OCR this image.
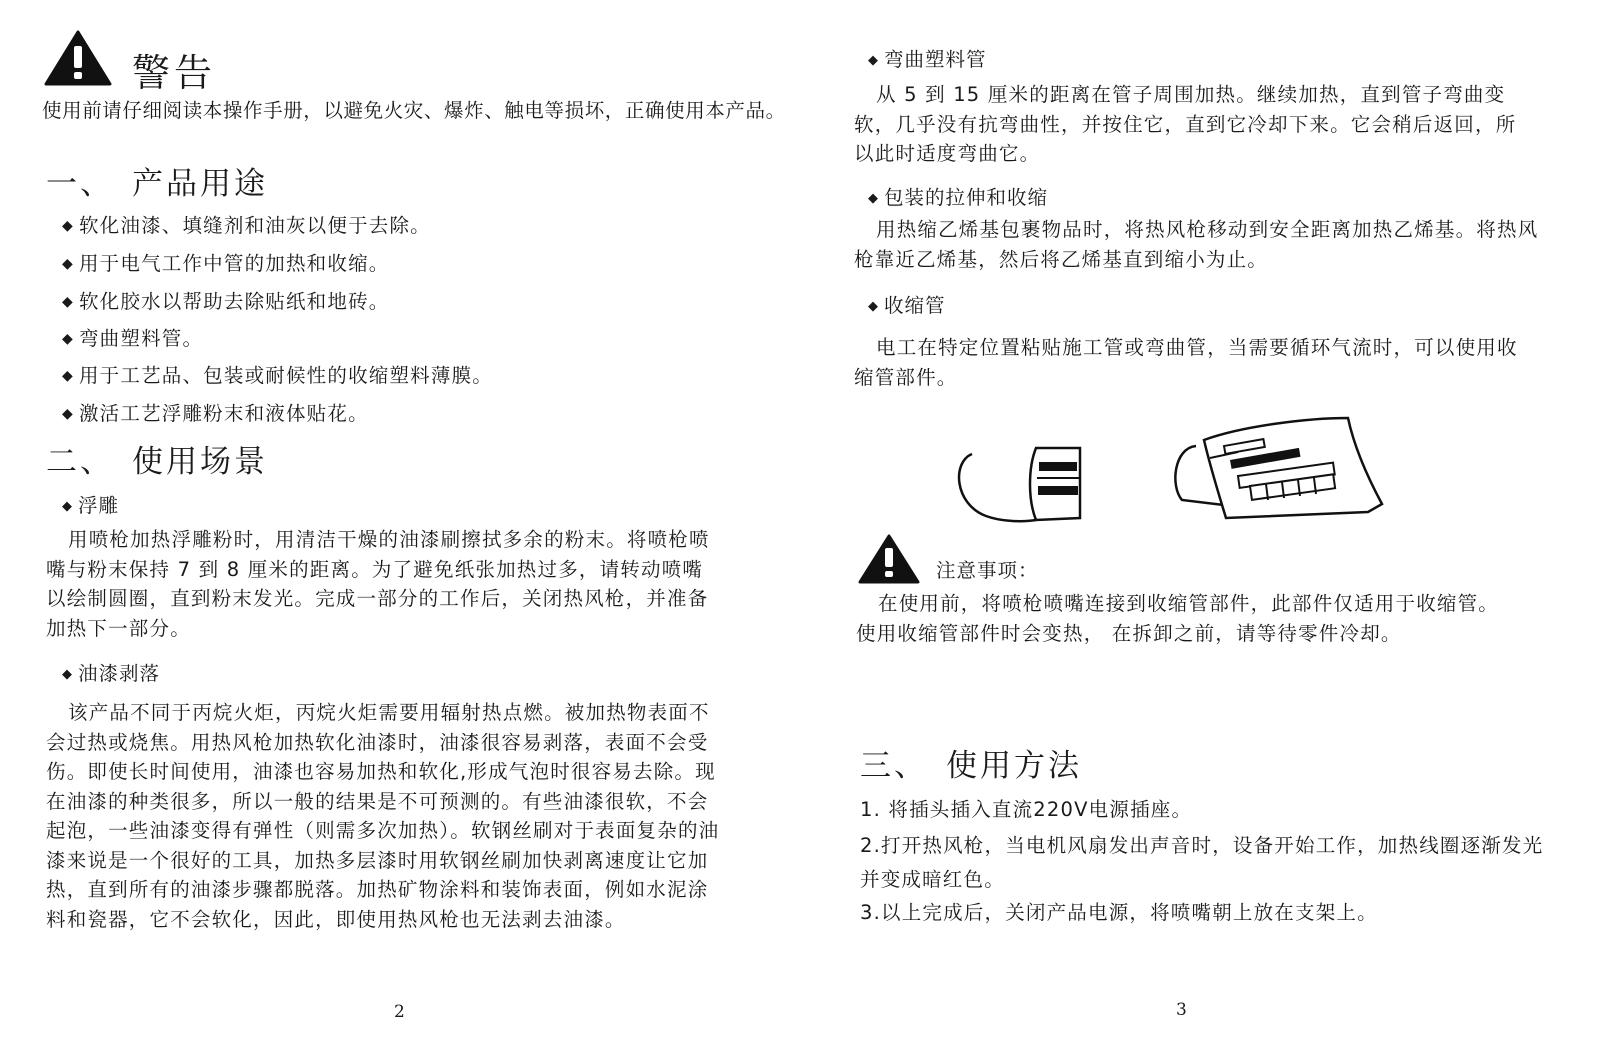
警告
使用前请仔细阅读本操作手册，以避免火灾、爆炸、触电等损坏，正确使用本产品。
一、 产品用途
◆ 软化油漆、填缝剂和油灰以便于去除。
◆ 用于电气工作中管的加热和收缩。
◆ 软化胶水以帮助去除贴纸和地砖。
◆ 弯曲塑料管。
◆ 用于工艺品、包装或耐候性的收缩塑料薄膜。
◆ 激活工艺浮雕粉末和液体贴花。
二、 使用场景
◆ 浮雕
用喷枪加热浮雕粉时，用清洁干燥的油漆刷擦拭多余的粉末。将喷枪喷嘴与粉末保持 7 到 8 厘米的距离。为了避免纸张加热过多，请转动喷嘴以绘制圆圈，直到粉末发光。完成一部分的工作后，关闭热风枪，并准备加热下一部分。
◆ 油漆剥落
该产品不同于丙烷火炬，丙烷火炬需要用辐射热点燃。被加热物表面不会过热或烧焦。用热风枪加热软化油漆时，油漆很容易剥落，表面不会受伤。即使长时间使用，油漆也容易加热和软化,形成气泡时很容易去除。现在油漆的种类很多，所以一般的结果是不可预测的。有些油漆很软，不会起泡，一些油漆变得有弹性（则需多次加热）。软钢丝刷对于表面复杂的油漆来说是一个很好的工具，加热多层漆时用软钢丝刷加快剥离速度让它加热，直到所有的油漆步骤都脱落。加热矿物涂料和装饰表面，例如水泥涂料和瓷器，它不会软化，因此，即使用热风枪也无法剥去油漆。
2
◆ 弯曲塑料管
从 5 到 15 厘米的距离在管子周围加热。继续加热，直到管子弯曲变软，几乎没有抗弯曲性，并按住它，直到它冷却下来。它会稍后返回，所以此时适度弯曲它。
◆ 包装的拉伸和收缩
用热缩乙烯基包裹物品时，将热风枪移动到安全距离加热乙烯基。将热风枪靠近乙烯基，然后将乙烯基直到缩小为止。
◆ 收缩管
电工在特定位置粘贴施工管或弯曲管，当需要循环气流时，可以使用收缩管部件。
注意事项：
在使用前，将喷枪喷嘴连接到收缩管部件，此部件仅适用于收缩管。 使用收缩管部件时会变热， 在拆卸之前，请等待零件冷却。
三、 使用方法
1. 将插头插入直流220V电源插座。
2.打开热风枪，当电机风扇发出声音时，设备开始工作，加热线圈逐渐发光并变成暗红色。
3.以上完成后，关闭产品电源，将喷嘴朝上放在支架上。
3
